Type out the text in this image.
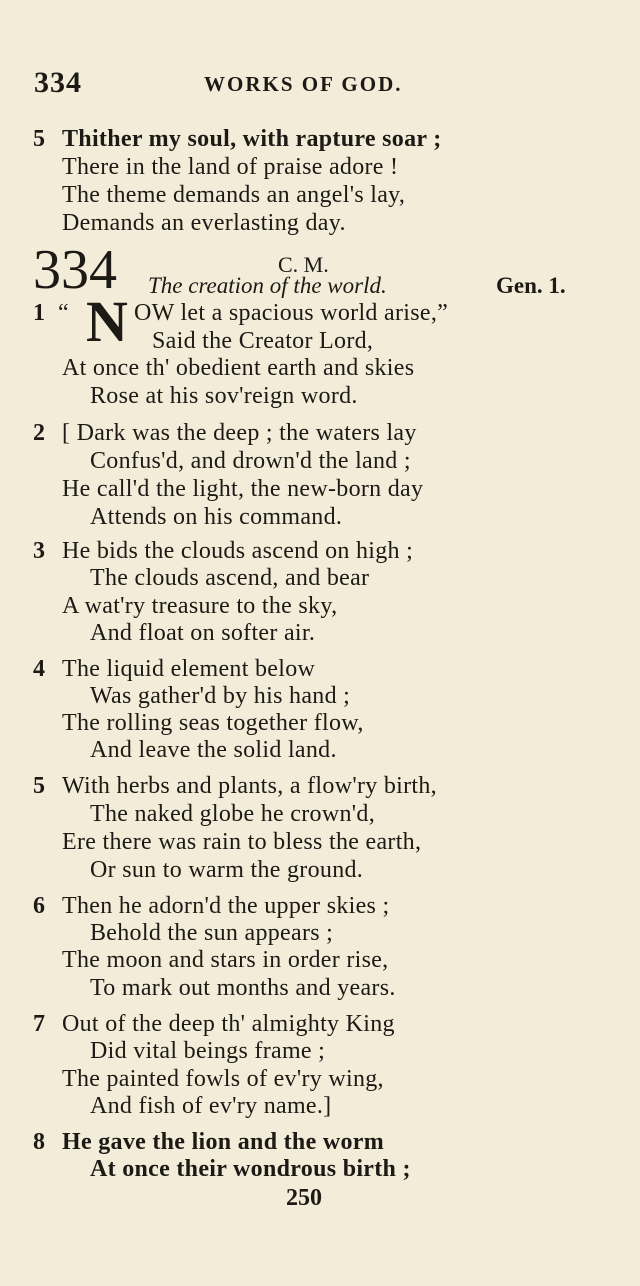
334	WORKS OF GOD.
5 Thither my soul, with rapture soar ;
There in the land of praise adore !
The theme demands an angel's lay,
Demands an everlasting day.
334	C. M.
The creation of the world.	Gen. 1.
1 “ N OW let a spacious world arise,”
Said the Creator Lord,
At once th' obedient earth and skies
Rose at his sov'reign word.
2 [ Dark was the deep ; the waters lay
Confus'd, and drown'd the land ;
He call'd the light, the new-born day
Attends on his command.
3 He bids the clouds ascend on high ;
The clouds ascend, and bear
A wat'ry treasure to the sky,
And float on softer air.
4 The liquid element below
Was gather'd by his hand ;
The rolling seas together flow,
And leave the solid land.
5 With herbs and plants, a flow'ry birth,
The naked globe he crown'd,
Ere there was rain to bless the earth,
Or sun to warm the ground.
6 Then he adorn'd the upper skies ;
Behold the sun appears ;
The moon and stars in order rise,
To mark out months and years.
7 Out of the deep th' almighty King
Did vital beings frame ;
The painted fowls of ev'ry wing,
And fish of ev'ry name.]
8 He gave the lion and the worm
At once their wondrous birth ;
250
